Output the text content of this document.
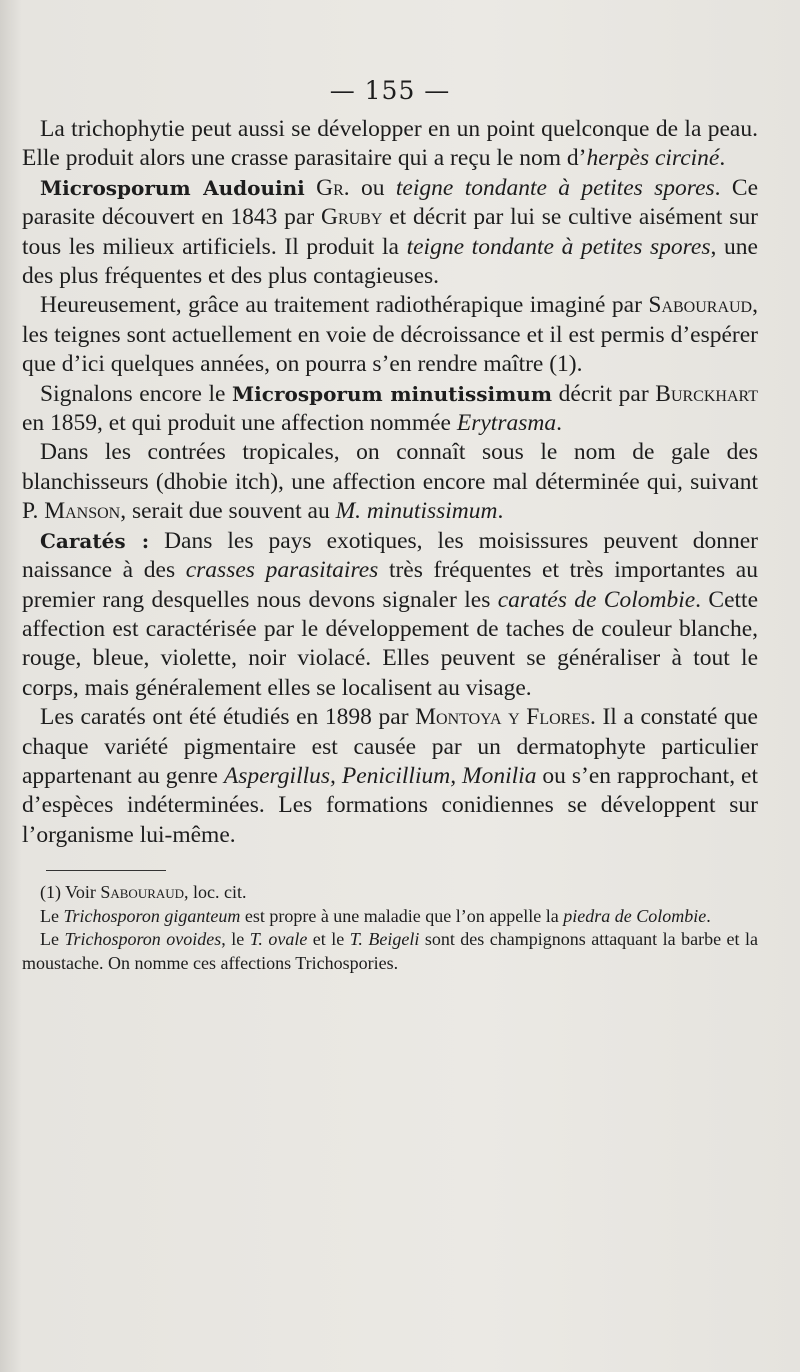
— 155 —

La trichophytie peut aussi se développer en un point quelconque de la peau. Elle produit alors une crasse parasitaire qui a reçu le nom d’herpès circiné.

Microsporum Audouini Gr. ou teigne tondante à petites spores. Ce parasite découvert en 1843 par Gruby et décrit par lui se cultive aisément sur tous les milieux artificiels. Il produit la teigne tondante à petites spores, une des plus fréquentes et des plus contagieuses.

Heureusement, grâce au traitement radiothérapique imaginé par Sabouraud, les teignes sont actuellement en voie de décroissance et il est permis d’espérer que d’ici quelques années, on pourra s’en rendre maître (1).

Signalons encore le Microsporum minutissimum décrit par Burckhart en 1859, et qui produit une affection nommée Erytrasma.

Dans les contrées tropicales, on connaît sous le nom de gale des blanchisseurs (dhobie itch), une affection encore mal déterminée qui, suivant P. Manson, serait due souvent au M. minutissimum.

Caratés : Dans les pays exotiques, les moisissures peuvent donner naissance à des crasses parasitaires très fréquentes et très importantes au premier rang desquelles nous devons signaler les caratés de Colombie. Cette affection est caractérisée par le développement de taches de couleur blanche, rouge, bleue, violette, noir violacé. Elles peuvent se généraliser à tout le corps, mais généralement elles se localisent au visage.

Les caratés ont été étudiés en 1898 par Montoya y Flores. Il a constaté que chaque variété pigmentaire est causée par un dermatophyte particulier appartenant au genre Aspergillus, Penicillium, Monilia ou s’en rapprochant, et d’espèces indéterminées. Les formations conidiennes se développent sur l’organisme lui-même.

(1) Voir Sabouraud, loc. cit.

Le Trichosporon giganteum est propre à une maladie que l’on appelle la piedra de Colombie.

Le Trichosporon ovoides, le T. ovale et le T. Beigeli sont des champignons attaquant la barbe et la moustache. On nomme ces affections Trichospories.
